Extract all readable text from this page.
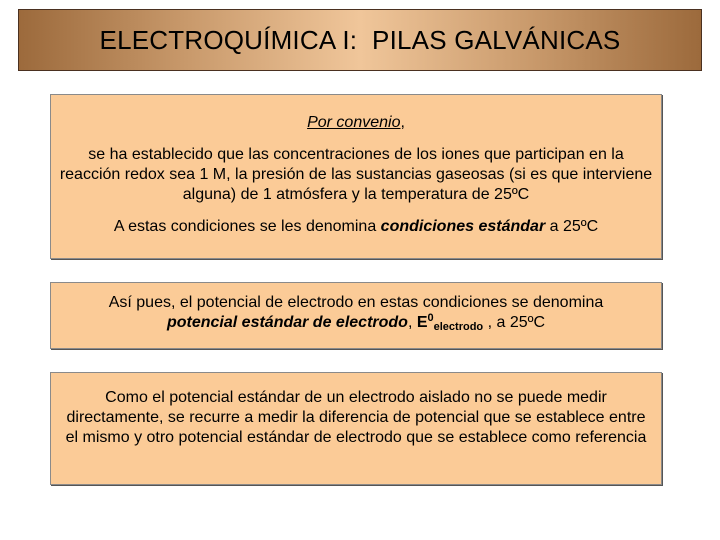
ELECTROQUÍMICA I:  PILAS GALVÁNICAS

Por convenio,

se ha establecido que las concentraciones de los iones que participan en la reacción redox sea 1 M, la presión de las sustancias gaseosas (si es que interviene alguna) de 1 atmósfera y la temperatura de 25ºC

A estas condiciones se les denomina condiciones estándar a 25ºC

Así pues, el potencial de electrodo en estas condiciones se denomina

potencial estándar de electrodo, $E^0_{electrodo}$ , a 25ºC

Como el potencial estándar de un electrodo aislado no se puede medir directamente, se recurre a medir la diferencia de potencial que se establece entre el mismo y otro potencial estándar de electrodo que se establece como referencia
